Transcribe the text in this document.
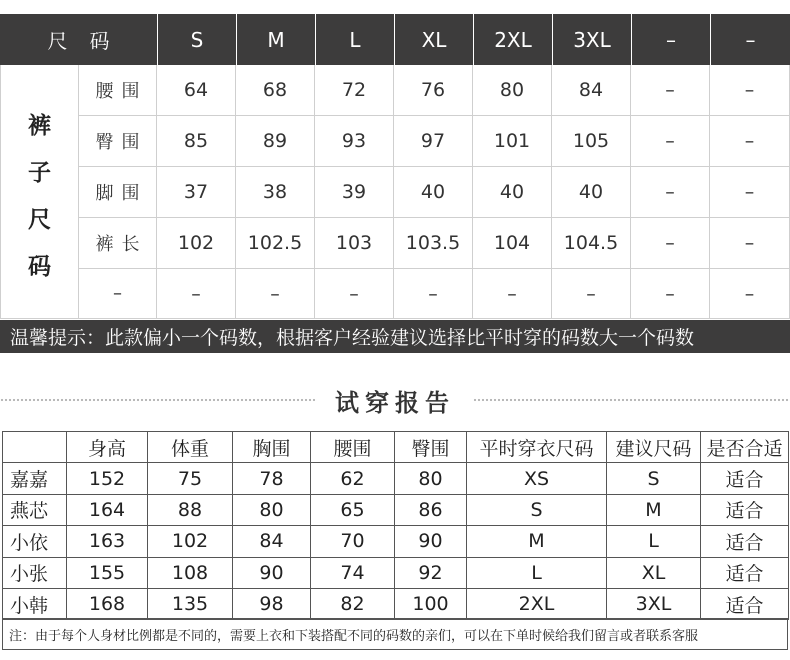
尺码	S	M	L	XL	2XL	3XL	–	–
裤
子
尺
码
腰围	64	68	72	76	80	84	–	–
臀围	85	89	93	97	101	105	–	–
脚围	37	38	39	40	40	40	–	–
裤长	102	102.5	103	103.5	104	104.5	–	–
–	–	–	–	–	–	–	–	–
温馨提示：此款偏小一个码数，根据客户经验建议选择比平时穿的码数大一个码数
试穿报告
	身高	体重	胸围	腰围	臀围	平时穿衣尺码	建议尺码	是否合适
嘉嘉	152	75	78	62	80	XS	S	适合
燕芯	164	88	80	65	86	S	M	适合
小依	163	102	84	70	90	M	L	适合
小张	155	108	90	74	92	L	XL	适合
小韩	168	135	98	82	100	2XL	3XL	适合
注：由于每个人身材比例都是不同的，需要上衣和下装搭配不同的码数的亲们，可以在下单时候给我们留言或者联系客服
